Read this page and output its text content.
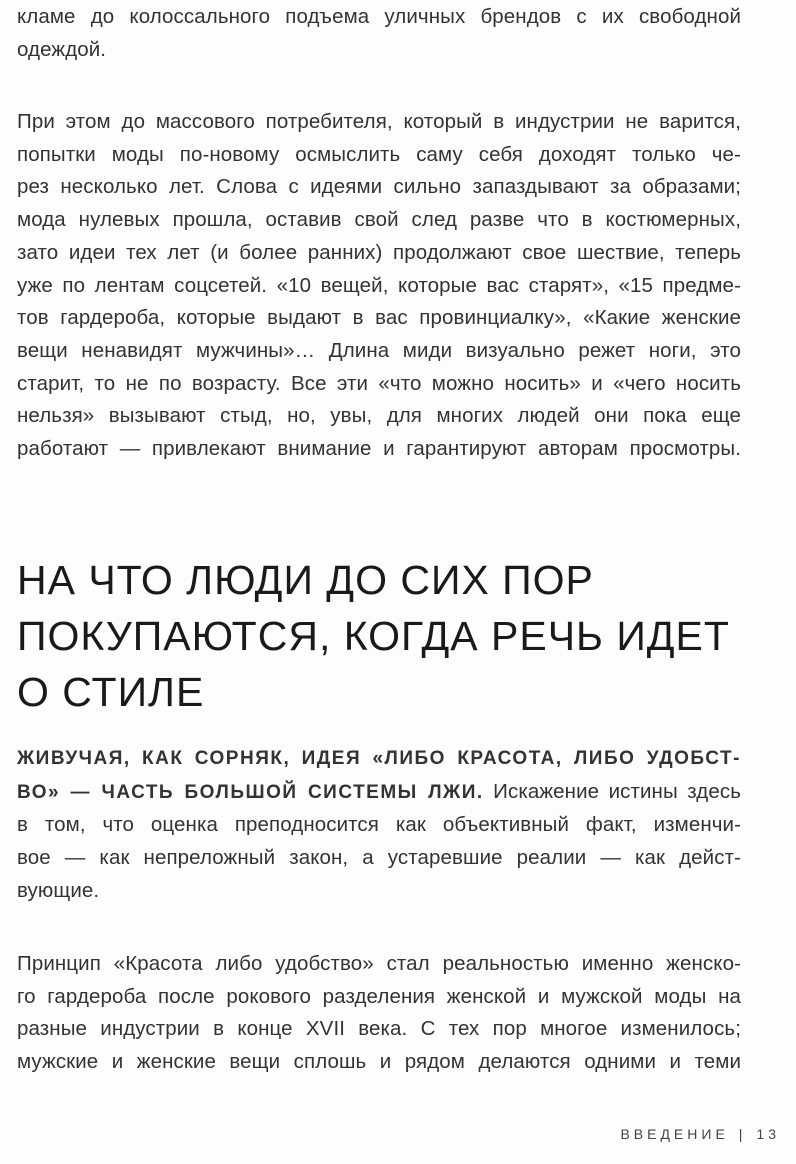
кламе до колоссального подъема уличных брендов с их свободной
одеждой.
При этом до массового потребителя, который в индустрии не варится,
попытки моды по-новому осмыслить саму себя доходят только че-
рез несколько лет. Слова с идеями сильно запаздывают за образами;
мода нулевых прошла, оставив свой след разве что в костюмерных,
зато идеи тех лет (и более ранних) продолжают свое шествие, теперь
уже по лентам соцсетей. «10 вещей, которые вас старят», «15 предме-
тов гардероба, которые выдают в вас провинциалку», «Какие женские
вещи ненавидят мужчины»… Длина миди визуально режет ноги, это
старит, то не по возрасту. Все эти «что можно носить» и «чего носить
нельзя» вызывают стыд, но, увы, для многих людей они пока еще
работают — привлекают внимание и гарантируют авторам просмотры.
НА ЧТО ЛЮДИ ДО СИХ ПОР
ПОКУПАЮТСЯ, КОГДА РЕЧЬ ИДЕТ
О СТИЛЕ
ЖИВУЧАЯ, КАК СОРНЯК, ИДЕЯ «ЛИБО КРАСОТА, ЛИБО УДОБСТ-
ВО» — ЧАСТЬ БОЛЬШОЙ СИСТЕМЫ ЛЖИ. Искажение истины здесь
в том, что оценка преподносится как объективный факт, изменчи-
вое — как непреложный закон, а устаревшие реалии — как дейст-
вующие.
Принцип «Красота либо удобство» стал реальностью именно женско-
го гардероба после рокового разделения женской и мужской моды на
разные индустрии в конце XVII века. С тех пор многое изменилось;
мужские и женские вещи сплошь и рядом делаются одними и теми
ВВЕДЕНИЕ | 13
